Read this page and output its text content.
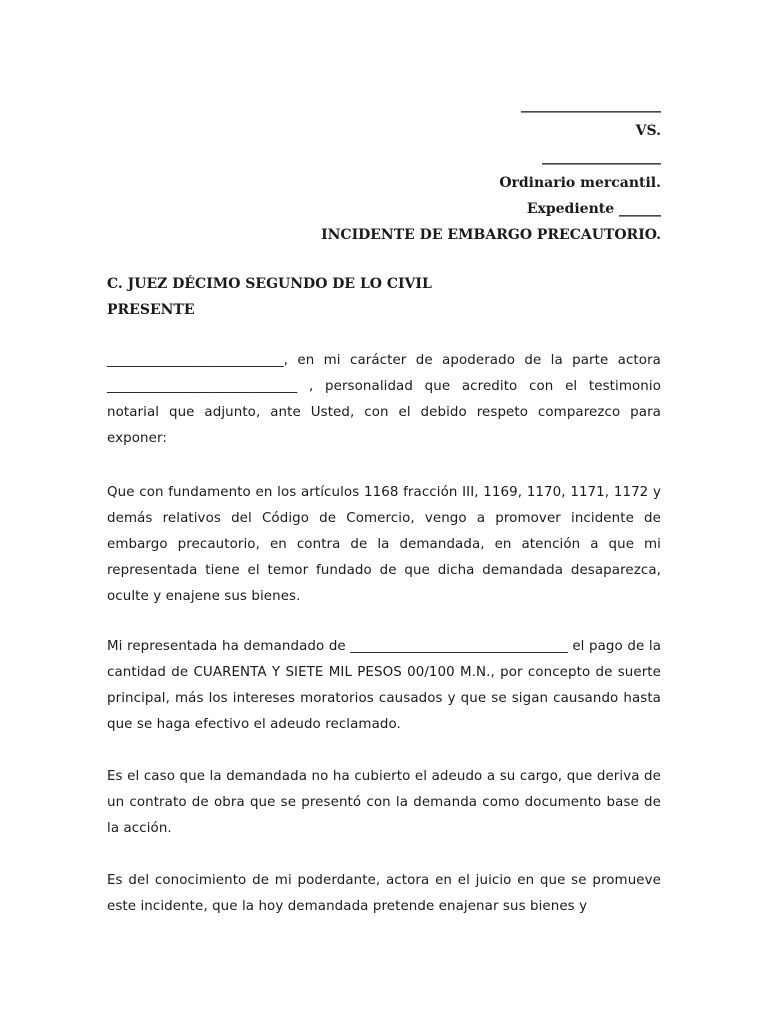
____________________
VS.
_________________
Ordinario mercantil.
Expediente ______
INCIDENTE DE EMBARGO PRECAUTORIO.
C. JUEZ DÉCIMO SEGUNDO DE LO CIVIL
PRESENTE

__________________________, en mi carácter de apoderado de la parte actora ____________________________ , personalidad que acredito con el testimonio notarial que adjunto, ante Usted, con el debido respeto comparezco para exponer:

Que con fundamento en los artículos 1168 fracción III, 1169, 1170, 1171, 1172 y demás relativos del Código de Comercio, vengo a promover incidente de embargo precautorio, en contra de la demandada, en atención a que mi representada tiene el temor fundado de que dicha demandada desaparezca, oculte y enajene sus bienes.

Mi representada ha demandado de ________________________________ el pago de la cantidad de CUARENTA Y SIETE MIL PESOS 00/100 M.N., por concepto de suerte principal, más los intereses moratorios causados y que se sigan causando hasta que se haga efectivo el adeudo reclamado.

Es el caso que la demandada no ha cubierto el adeudo a su cargo, que deriva de un contrato de obra que se presentó con la demanda como documento base de la acción.

Es del conocimiento de mi poderdante, actora en el juicio en que se promueve este incidente, que la hoy demandada pretende enajenar sus bienes y
